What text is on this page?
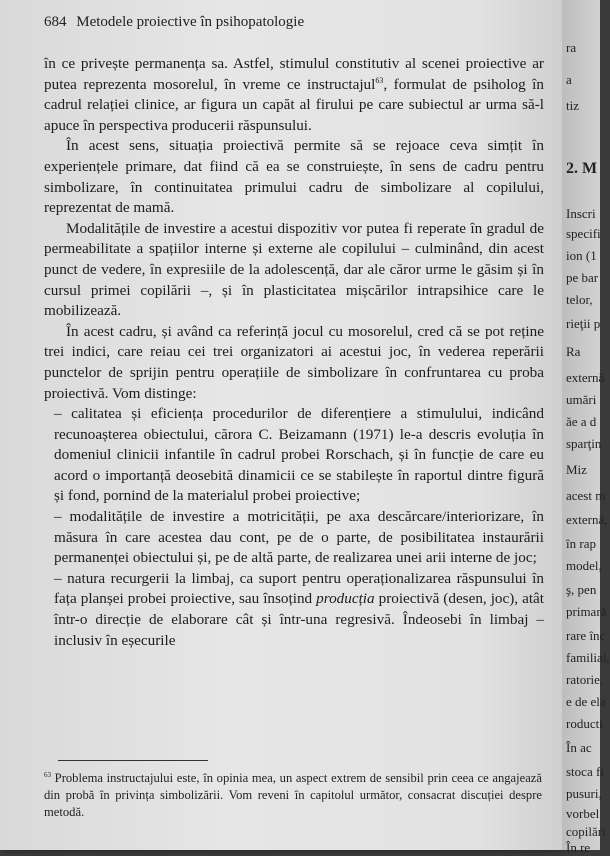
684 Metodele proiective în psihopatologie

în ce privește permanența sa. Astfel, stimulul constitutiv al scenei proiective ar putea reprezenta mosorelul, în vreme ce instructajul$^{63}$, formulat de psiholog în cadrul relației clinice, ar figura un capăt al firului pe care subiectul ar urma să-l apuce în perspectiva producerii răspunsului.

În acest sens, situația proiectivă permite să se rejoace ceva simțit în experiențele primare, dat fiind că ea se construiește, în sens de cadru pentru simbolizare, în continuitatea primului cadru de simbolizare al copilului, reprezentat de mamă.

Modalitățile de investire a acestui dispozitiv vor putea fi reperate în gradul de permeabilitate a spațiilor interne și externe ale copilului – culminând, din acest punct de vedere, în expresiile de la adolescență, dar ale căror urme le găsim și în cursul primei copilării –, și în plasticitatea mișcărilor intrapsihice care le mobilizează.

În acest cadru, și având ca referință jocul cu mosorelul, cred că se pot reține trei indici, care reiau cei trei organizatori ai acestui joc, în vederea reperării punctelor de sprijin pentru operațiile de simbolizare în confruntarea cu proba proiectivă. Vom distinge:

– calitatea și eficiența procedurilor de diferențiere a stimulului, indicând recunoașterea obiectului, cărora C. Beizamann (1971) le-a descris evoluția în domeniul clinicii infantile în cadrul probei Rorschach, și în funcție de care eu acord o importanță deosebită dinamicii ce se stabilește în raportul dintre figură și fond, pornind de la materialul probei proiective;

– modalitățile de investire a motricității, pe axa descărcare/interiorizare, în măsura în care acestea dau cont, pe de o parte, de posibilitatea instaurării permanenței obiectului și, pe de altă parte, de realizarea unei arii interne de joc;

– natura recurgerii la limbaj, ca suport pentru operaționalizarea răspunsului în fața planșei probei proiective, sau însoțind producția proiectivă (desen, joc), atât într-o direcție de elaborare cât și într-una regresivă. Îndeosebi în limbaj – inclusiv în eșecurile

$^{63}$ Problema instructajului este, în opinia mea, un aspect extrem de sensibil prin ceea ce angajează din probă în privința simbolizării. Vom reveni în capitolul următor, consacrat discuției despre metodă.
ra
a
tiz
2. M
Inscri
specifi
ion (1
pe bar
telor,
rieţii p
Ra
externă
umări
ăe a d
sparţin
Miz
acest m
externă,
în rap
model,
ş, pen
primară
rare înc
familial,
ratorie,
e de ela
roducti
În ac
stoca fi
pusuri,
vorbel
copilări
În re
